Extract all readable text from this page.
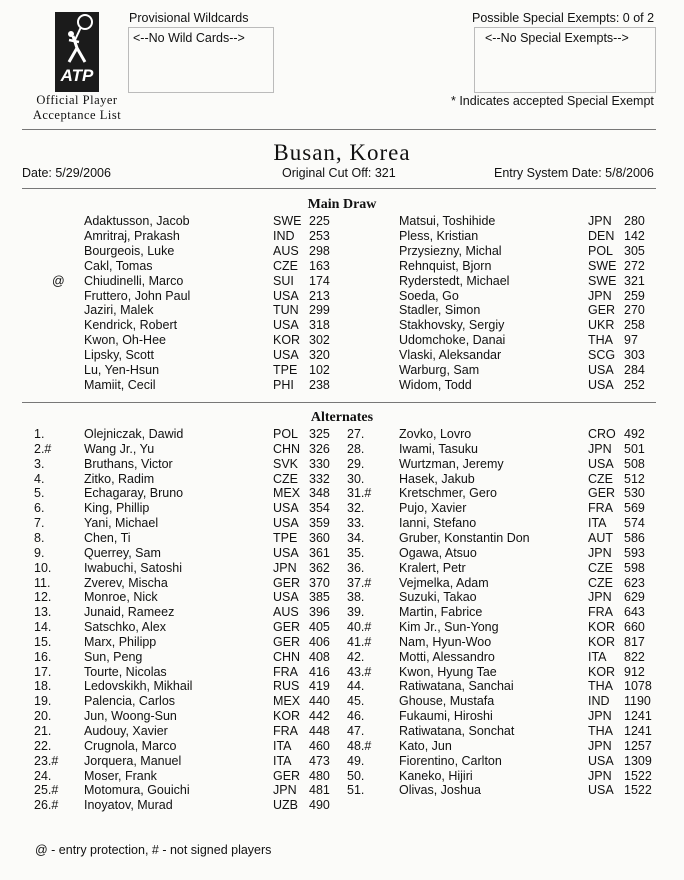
ATP
Official Player Acceptance List
Provisional Wildcards
<--No Wild Cards-->
Possible Special Exempts: 0 of 2
<--No Special Exempts-->
* Indicates accepted Special Exempt
Busan, Korea
Date: 5/29/2006	Original Cut Off: 321	Entry System Date: 5/8/2006
Main Draw
Adaktusson, Jacob	SWE 225
Amritraj, Prakash	IND 253
Bourgeois, Luke	AUS 298
Cakl, Tomas	CZE 163
@ Chiudinelli, Marco	SUI 174
Fruttero, John Paul	USA 213
Jaziri, Malek	TUN 299
Kendrick, Robert	USA 318
Kwon, Oh-Hee	KOR 302
Lipsky, Scott	USA 320
Lu, Yen-Hsun	TPE 102
Mamiit, Cecil	PHI 238
Matsui, Toshihide	JPN 280
Pless, Kristian	DEN 142
Przysiezny, Michal	POL 305
Rehnquist, Bjorn	SWE 272
Ryderstedt, Michael	SWE 321
Soeda, Go	JPN 259
Stadler, Simon	GER 270
Stakhovsky, Sergiy	UKR 258
Udomchoke, Danai	THA 97
Vlaski, Aleksandar	SCG 303
Warburg, Sam	USA 284
Widom, Todd	USA 252
Alternates
1.	Olejniczak, Dawid	POL 325
2.#	Wang Jr., Yu	CHN 326
3.	Bruthans, Victor	SVK 330
4.	Zitko, Radim	CZE 332
5.	Echagaray, Bruno	MEX 348
6.	King, Phillip	USA 354
7.	Yani, Michael	USA 359
8.	Chen, Ti	TPE 360
9.	Querrey, Sam	USA 361
10.	Iwabuchi, Satoshi	JPN 362
11.	Zverev, Mischa	GER 370
12.	Monroe, Nick	USA 385
13.	Junaid, Rameez	AUS 396
14.	Satschko, Alex	GER 405
15.	Marx, Philipp	GER 406
16.	Sun, Peng	CHN 408
17.	Tourte, Nicolas	FRA 416
18.	Ledovskikh, Mikhail	RUS 419
19.	Palencia, Carlos	MEX 440
20.	Jun, Woong-Sun	KOR 442
21.	Audouy, Xavier	FRA 448
22.	Crugnola, Marco	ITA 460
23.# Jorquera, Manuel	ITA 473
24.	Moser, Frank	GER 480
25.# Motomura, Gouichi	JPN 481
26.# Inoyatov, Murad	UZB 490
27.	Zovko, Lovro	CRO 492
28.	Iwami, Tasuku	JPN 501
29.	Wurtzman, Jeremy	USA 508
30.	Hasek, Jakub	CZE 512
31.# Kretschmer, Gero	GER 530
32.	Pujo, Xavier	FRA 569
33.	Ianni, Stefano	ITA 574
34.	Gruber, Konstantin Don	AUT 586
35.	Ogawa, Atsuo	JPN 593
36.	Kralert, Petr	CZE 598
37.# Vejmelka, Adam	CZE 623
38.	Suzuki, Takao	JPN 629
39.	Martin, Fabrice	FRA 643
40.# Kim Jr., Sun-Yong	KOR 660
41.# Nam, Hyun-Woo	KOR 817
42.	Motti, Alessandro	ITA 822
43.# Kwon, Hyung Tae	KOR 912
44.	Ratiwatana, Sanchai	THA 1078
45.	Ghouse, Mustafa	IND 1190
46.	Fukaumi, Hiroshi	JPN 1241
47.	Ratiwatana, Sonchat	THA 1241
48.# Kato, Jun	JPN 1257
49.	Fiorentino, Carlton	USA 1309
50.	Kaneko, Hijiri	JPN 1522
51.	Olivas, Joshua	USA 1522
@ - entry protection, # - not signed players
